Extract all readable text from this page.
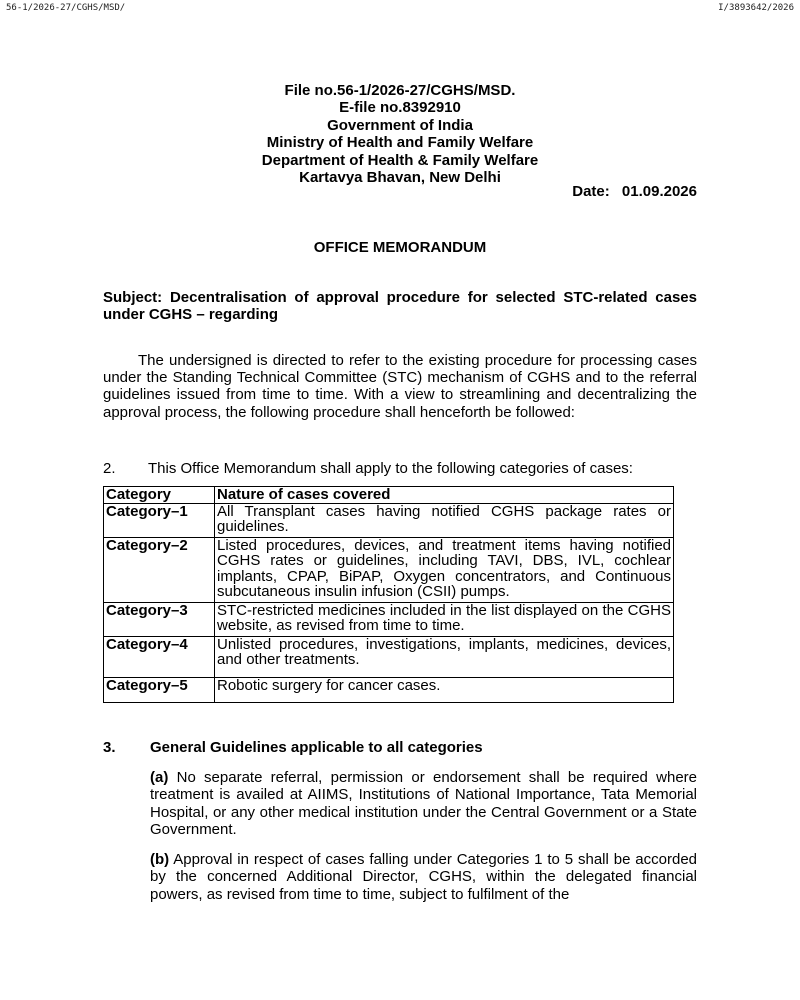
56-1/2026-27/CGHS/MSD/	I/3893642/2026
File no.56-1/2026-27/CGHS/MSD.
E-file no.8392910
Government of India
Ministry of Health and Family Welfare
Department of Health & Family Welfare
Kartavya Bhavan, New Delhi
Date: 01.09.2026
OFFICE MEMORANDUM
Subject: Decentralisation of approval procedure for selected STC-related cases under CGHS – regarding
The undersigned is directed to refer to the existing procedure for processing cases under the Standing Technical Committee (STC) mechanism of CGHS and to the referral guidelines issued from time to time. With a view to streamlining and decentralizing the approval process, the following procedure shall henceforth be followed:
2. This Office Memorandum shall apply to the following categories of cases:
Category	Nature of cases covered
Category–1	All Transplant cases having notified CGHS package rates or guidelines.
Category–2	Listed procedures, devices, and treatment items having notified CGHS rates or guidelines, including TAVI, DBS, IVL, cochlear implants, CPAP, BiPAP, Oxygen concentrators, and Continuous subcutaneous insulin infusion (CSII) pumps.
Category–3	STC-restricted medicines included in the list displayed on the CGHS website, as revised from time to time.
Category–4	Unlisted procedures, investigations, implants, medicines, devices, and other treatments.
Category–5	Robotic surgery for cancer cases.
3. General Guidelines applicable to all categories
(a) No separate referral, permission or endorsement shall be required where treatment is availed at AIIMS, Institutions of National Importance, Tata Memorial Hospital, or any other medical institution under the Central Government or a State Government.
(b) Approval in respect of cases falling under Categories 1 to 5 shall be accorded by the concerned Additional Director, CGHS, within the delegated financial powers, as revised from time to time, subject to fulfilment of the
